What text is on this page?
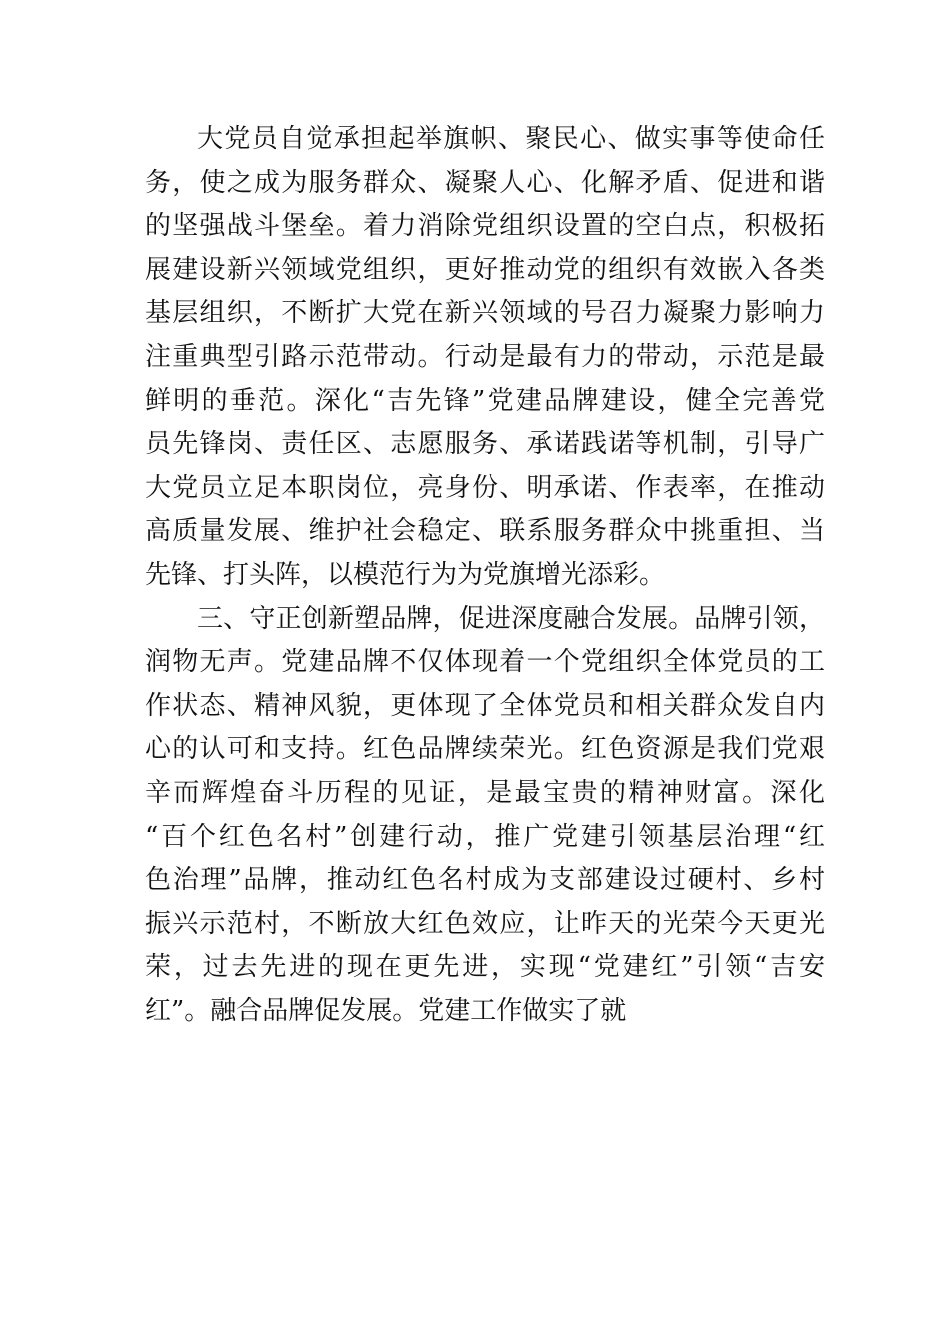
大党员自觉承担起举旗帜、聚民心、做实事等使命任
务，使之成为服务群众、凝聚人心、化解矛盾、促进和谐
的坚强战斗堡垒。着力消除党组织设置的空白点，积极拓
展建设新兴领域党组织，更好推动党的组织有效嵌入各类
基层组织，不断扩大党在新兴领域的号召力凝聚力影响力
注重典型引路示范带动。行动是最有力的带动，示范是最
鲜明的垂范。深化“吉先锋”党建品牌建设，健全完善党
员先锋岗、责任区、志愿服务、承诺践诺等机制，引导广
大党员立足本职岗位，亮身份、明承诺、作表率，在推动
高质量发展、维护社会稳定、联系服务群众中挑重担、当
先锋、打头阵，以模范行为为党旗增光添彩。
三、守正创新塑品牌，促进深度融合发展。品牌引领，
润物无声。党建品牌不仅体现着一个党组织全体党员的工
作状态、精神风貌，更体现了全体党员和相关群众发自内
心的认可和支持。红色品牌续荣光。红色资源是我们党艰
辛而辉煌奋斗历程的见证，是最宝贵的精神财富。深化
“百个红色名村”创建行动，推广党建引领基层治理“红
色治理”品牌，推动红色名村成为支部建设过硬村、乡村
振兴示范村，不断放大红色效应，让昨天的光荣今天更光
荣，过去先进的现在更先进，实现“党建红”引领“吉安
红”。融合品牌促发展。党建工作做实了就
